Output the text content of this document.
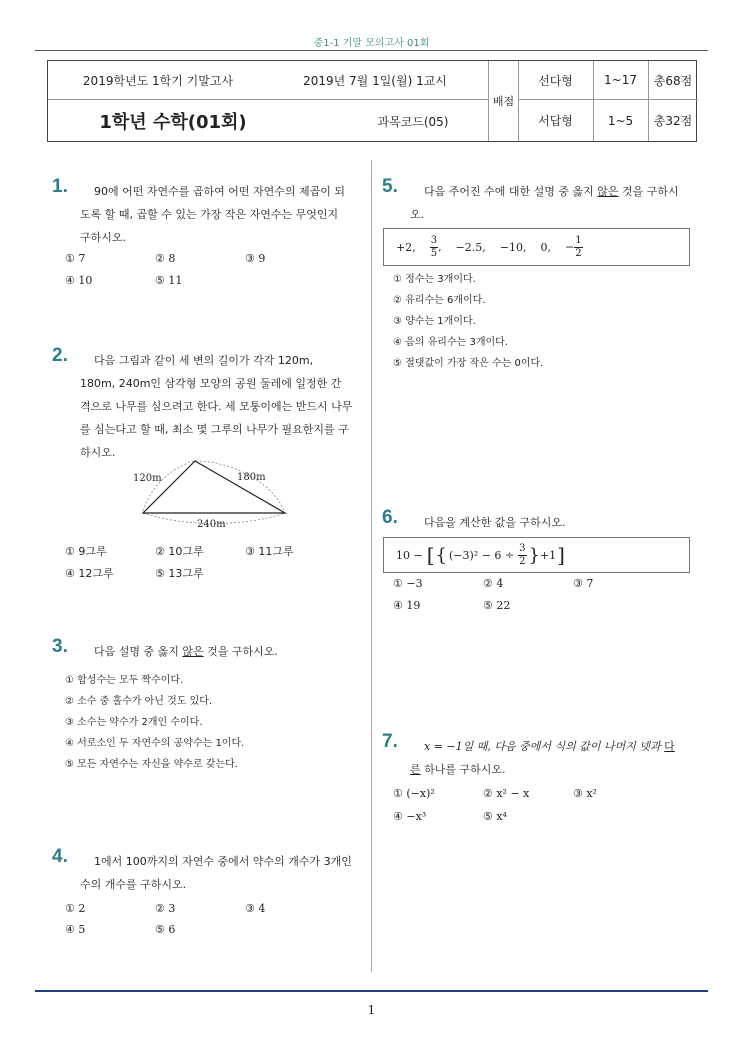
중1-1 기말 모의고사 01회
2019학년도 1학기 기말고사	2019년 7월 1일(월) 1교시
1학년 수학(01회)	과목코드(05)
배점
선다형	1~17	총68점
서답형	1~5	총32점
1. 90에 어떤 자연수를 곱하여 어떤 자연수의 제곱이 되
도록 할 때, 곱할 수 있는 가장 작은 자연수는 무엇인지
구하시오.
① 7	② 8	③ 9
④ 10	⑤ 11
2. 다음 그림과 같이 세 변의 길이가 각각 120m,
180m, 240m인 삼각형 모양의 공원 둘레에 일정한 간
격으로 나무를 심으려고 한다. 세 모퉁이에는 반드시 나무
를 심는다고 할 때, 최소 몇 그루의 나무가 필요한지를 구
하시오.
120m	180m
240m
① 9그루	② 10그루	③ 11그루
④ 12그루	⑤ 13그루
3. 다음 설명 중 옳지 않은 것을 구하시오.
① 합성수는 모두 짝수이다.
② 소수 중 홀수가 아닌 것도 있다.
③ 소수는 약수가 2개인 수이다.
④ 서로소인 두 자연수의 공약수는 1이다.
⑤ 모든 자연수는 자신을 약수로 갖는다.
4. 1에서 100까지의 자연수 중에서 약수의 개수가 3개인
수의 개수를 구하시오.
① 2	② 3	③ 4
④ 5	⑤ 6
5. 다음 주어진 수에 대한 설명 중 옳지 않은 것을 구하시
오.
+2, $\frac{3}{5}$ , −2.5, −10, 0, − $\frac{1}{2}$
① 정수는 3개이다.
② 유리수는 6개이다.
③ 양수는 1개이다.
④ 음의 유리수는 3개이다.
⑤ 절댓값이 가장 작은 수는 0이다.
6. 다음을 계산한 값을 구하시오.
10 − [ { $(-3)^2 - 6 \div \frac{3}{2}$ } +1 ]
① −3	② 4	③ 7
④ 19	⑤ 22
7. x = −1일 때, 다음 중에서 식의 값이 나머지 넷과 다
른 하나를 구하시오.
① (−x)²	② x² − x	③ x²
④ −x³	⑤ x⁴
1
